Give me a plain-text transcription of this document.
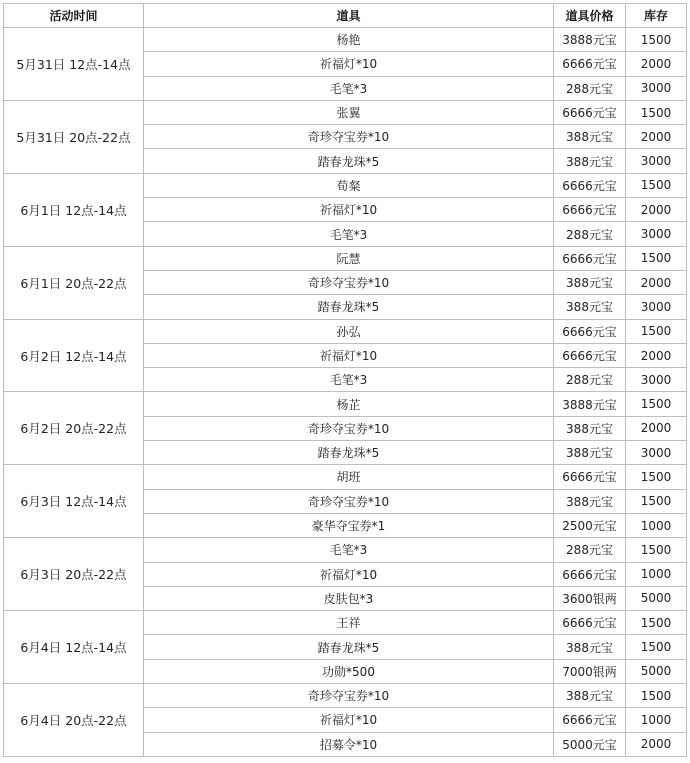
活动时间	道具	道具价格	库存
5月31日 12点-14点	杨艳	3888元宝	1500
	祈福灯*10	6666元宝	2000
	毛笔*3	288元宝	3000
5月31日 20点-22点	张翼	6666元宝	1500
	奇珍夺宝券*10	388元宝	2000
	踏春龙珠*5	388元宝	3000
6月1日 12点-14点	荀粲	6666元宝	1500
	祈福灯*10	6666元宝	2000
	毛笔*3	288元宝	3000
6月1日 20点-22点	阮慧	6666元宝	1500
	奇珍夺宝券*10	388元宝	2000
	踏春龙珠*5	388元宝	3000
6月2日 12点-14点	孙弘	6666元宝	1500
	祈福灯*10	6666元宝	2000
	毛笔*3	288元宝	3000
6月2日 20点-22点	杨芷	3888元宝	1500
	奇珍夺宝券*10	388元宝	2000
	踏春龙珠*5	388元宝	3000
6月3日 12点-14点	胡班	6666元宝	1500
	奇珍夺宝券*10	388元宝	1500
	豪华夺宝券*1	2500元宝	1000
6月3日 20点-22点	毛笔*3	288元宝	1500
	祈福灯*10	6666元宝	1000
	皮肤包*3	3600银两	5000
6月4日 12点-14点	王祥	6666元宝	1500
	踏春龙珠*5	388元宝	1500
	功勋*500	7000银两	5000
6月4日 20点-22点	奇珍夺宝券*10	388元宝	1500
	祈福灯*10	6666元宝	1000
	招募令*10	5000元宝	2000
